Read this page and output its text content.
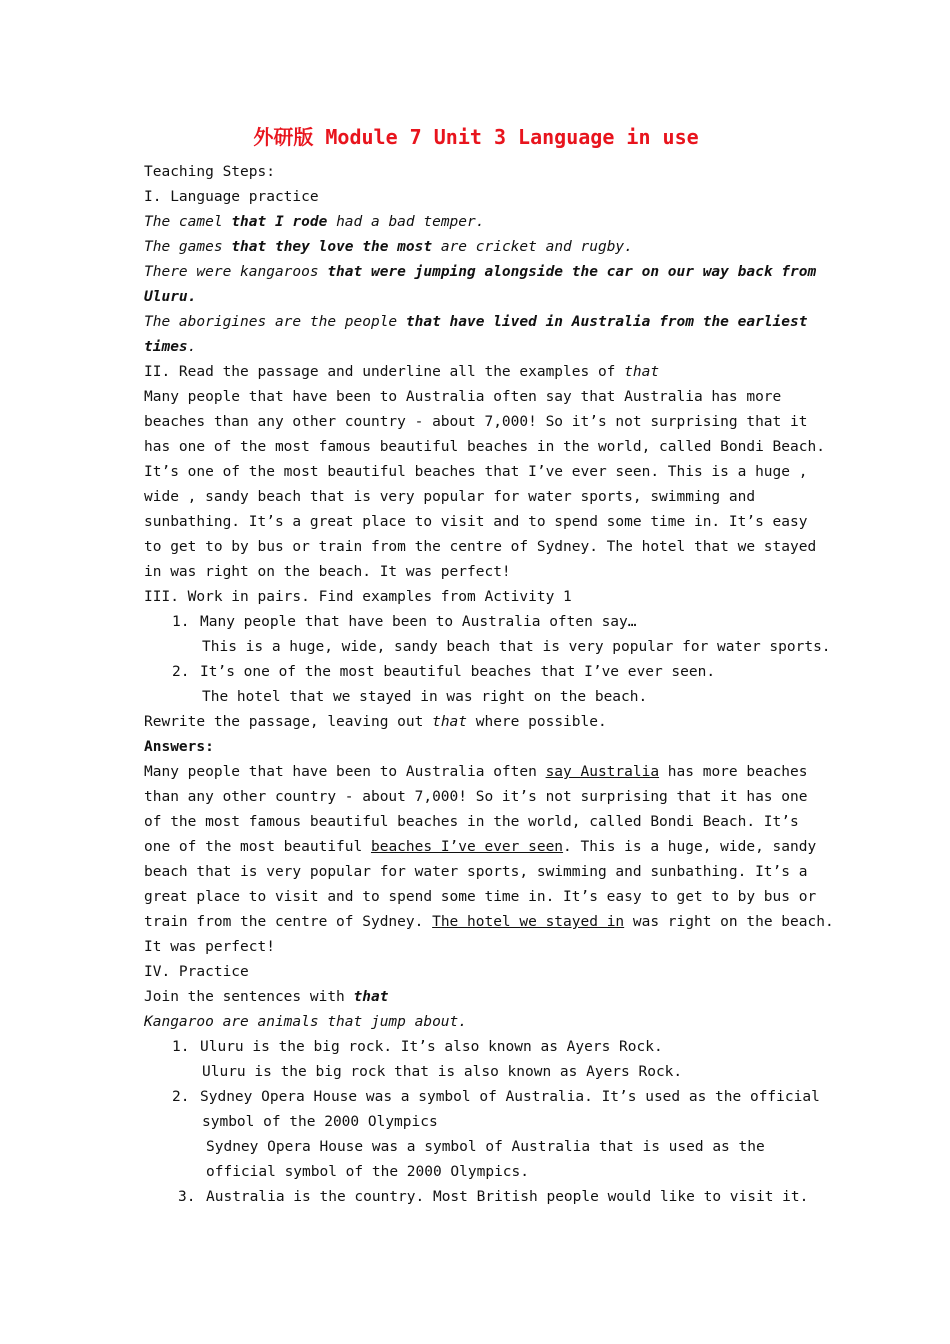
外研版 Module 7 Unit 3 Language in use
Teaching Steps:
I. Language practice
The camel that I rode had a bad temper.
The games that they love the most are cricket and rugby.
There were kangaroos that were jumping alongside the car on our way back from
Uluru.
The aborigines are the people that have lived in Australia from the earliest
times.
II. Read the passage and underline all the examples of that
Many people that have been to Australia often say that Australia has more
beaches than any other country - about 7,000! So it’s not surprising that it
has one of the most famous beautiful beaches in the world, called Bondi Beach.
It’s one of the most beautiful beaches that I’ve ever seen. This is a huge ,
wide , sandy beach that is very popular for water sports, swimming and
sunbathing. It’s a great place to visit and to spend some time in. It’s easy
to get to by bus or train from the centre of Sydney. The hotel that we stayed
in was right on the beach. It was perfect!
III. Work in pairs. Find examples from Activity 1
1. Many people that have been to Australia often say…
This is a huge, wide, sandy beach that is very popular for water sports.
2. It’s one of the most beautiful beaches that I’ve ever seen.
The hotel that we stayed in was right on the beach.
Rewrite the passage, leaving out that where possible.
Answers:
Many people that have been to Australia often say Australia has more beaches
than any other country - about 7,000! So it’s not surprising that it has one
of the most famous beautiful beaches in the world, called Bondi Beach. It’s
one of the most beautiful beaches I’ve ever seen. This is a huge, wide, sandy
beach that is very popular for water sports, swimming and sunbathing. It’s a
great place to visit and to spend some time in. It’s easy to get to by bus or
train from the centre of Sydney. The hotel we stayed in was right on the beach.
It was perfect!
IV. Practice
Join the sentences with that
Kangaroo are animals that jump about.
1. Uluru is the big rock. It’s also known as Ayers Rock.
Uluru is the big rock that is also known as Ayers Rock.
2. Sydney Opera House was a symbol of Australia. It’s used as the official
symbol of the 2000 Olympics
Sydney Opera House was a symbol of Australia that is used as the
official symbol of the 2000 Olympics.
3. Australia is the country. Most British people would like to visit it.
